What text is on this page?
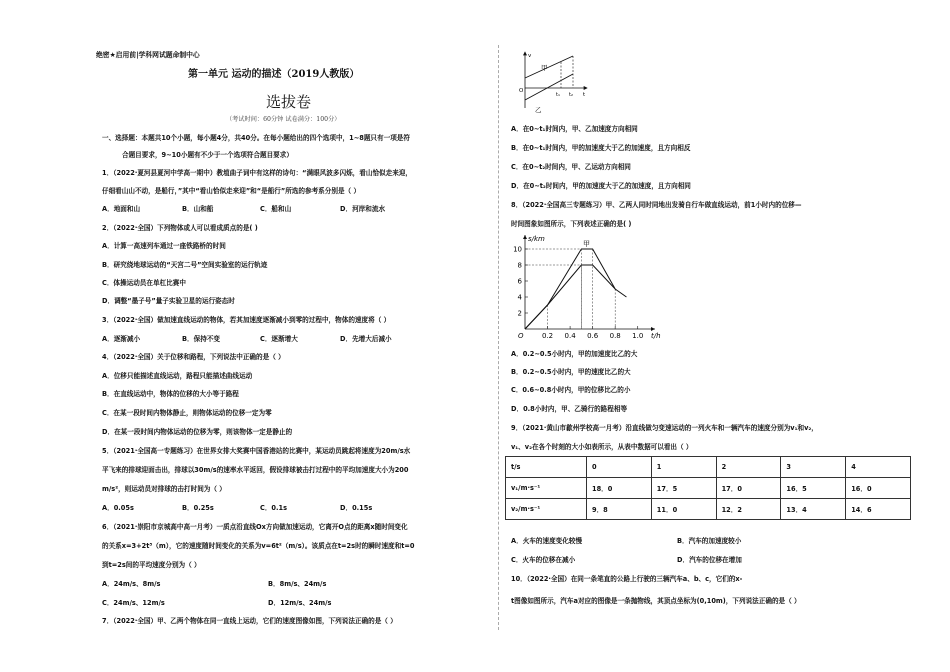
绝密★启用前|学科网试题命制中心
第一单元 运动的描述（2019人教版）
选拔卷
（考试时间：60分钟 试卷满分：100分）
一、选择题：本题共10个小题，每小题4分，共40分。在每小题给出的四个选项中，1~8题只有一项是符
合题目要求，9~10小题有不少于一个选项符合题目要求）
1．（2022·夏河县夏河中学高一期中）教埴曲子词中有这样的诗句：“满眼风波多闪烁，看山恰似走来迎，
仔细看山山不动，是船行，”其中“看山恰似走来迎”和“是船行”所选的参考系分别是（ ）
A．地面和山	B．山和船	C．船和山	D．河岸和流水
2．（2022·全国）下列物体或人可以看成质点的是( )
A．计算一高速列车通过一座铁路桥的时间
B．研究绕地球运动的“天宫二号”空间实验室的运行轨迹
C．体操运动员在单杠比赛中
D．调整“墨子号”量子实验卫星的运行姿态时
3．（2022·全国）做加速直线运动的物体，若其加速度逐渐减小到零的过程中，物体的速度将（ ）
A．逐渐减小	B．保持不变	C．逐渐增大	D．先增大后减小
4．（2022·全国）关于位移和路程，下列说法中正确的是（ ）
A．位移只能描述直线运动，路程只能描述曲线运动
B．在直线运动中，物体的位移的大小等于路程
C．在某一段时间内物体静止，则物体运动的位移一定为零
D．在某一段时间内物体运动的位移为零，则该物体一定是静止的
5．（2021·全国高一专题练习）在世界女排大奖赛中国香港站的比赛中，某运动员跳起将速度为20m/s水
平飞来的排球迎面击出，排球以30m/s的速率水平返回，假设排球被击打过程中的平均加速度大小为200
m/s²，则运动员对排球的击打时间为（ ）
A．0.05s	B．0.25s	C．0.1s	D．0.15s
6．（2021·崇阳市京城高中高一月考）一质点沿直线Ox方向做加速运动，它离开O点的距离x随时间变化
的关系x=3+2t³（m），它的速度随时间变化的关系为v=6t²（m/s）。该质点在t=2s时的瞬时速度和t=0
到t=2s间的平均速度分别为（ ）
A．24m/s、8m/s	B．8m/s、24m/s
C．24m/s、12m/s	D．12m/s、24m/s
7．（2022·全国）甲、乙两个物体在同一直线上运动，它们的速度图像如图，下列说法正确的是（ ）
v
t
O
甲
乙
t₁ t₂
A．在0~t₁时间内，甲、乙加速度方向相同
B．在0~t₁时间内，甲的加速度大于乙的加速度，且方向相反
C．在0~t₂时间内，甲、乙运动方向相同
D．在0~t₂时间内，甲的加速度大于乙的加速度，且方向相同
8．（2022·全国高三专题练习）甲、乙两人同时同地出发骑自行车做直线运动，前1小时内的位移—
时间图象如图所示，下列表述正确的是( )
2
4
6
8
10
0.2 0.4 0.6 0.8 1.0
O
s/km
t/h
甲
A．0.2~0.5小时内，甲的加速度比乙的大
B．0.2~0.5小时内，甲的速度比乙的大
C．0.6~0.8小时内，甲的位移比乙的小
D．0.8小时内，甲、乙骑行的路程相等
9．（2021·黄山市歙州学校高一月考）沿直线做匀变速运动的一列火车和一辆汽车的速度分别为v₁和v₂，
v₁、v₂在各个时刻的大小如表所示，从表中数据可以看出（ ）
A．火车的速度变化较慢	B．汽车的加速度较小
C．火车的位移在减小	D．汽车的位移在增加
10．（2022·全国）在同一条笔直的公路上行驶的三辆汽车a、b、c，它们的x-
t图像如图所示，汽车a对应的图像是一条抛物线，其顶点坐标为(0,10m)，下列说法正确的是（ ）
t/s	0	1	2	3	4
v₁/m·s⁻¹	18．0	17．5	17．0	16．5	16．0
v₂/m·s⁻¹	9．8	11．0	12．2	13．4	14．6
